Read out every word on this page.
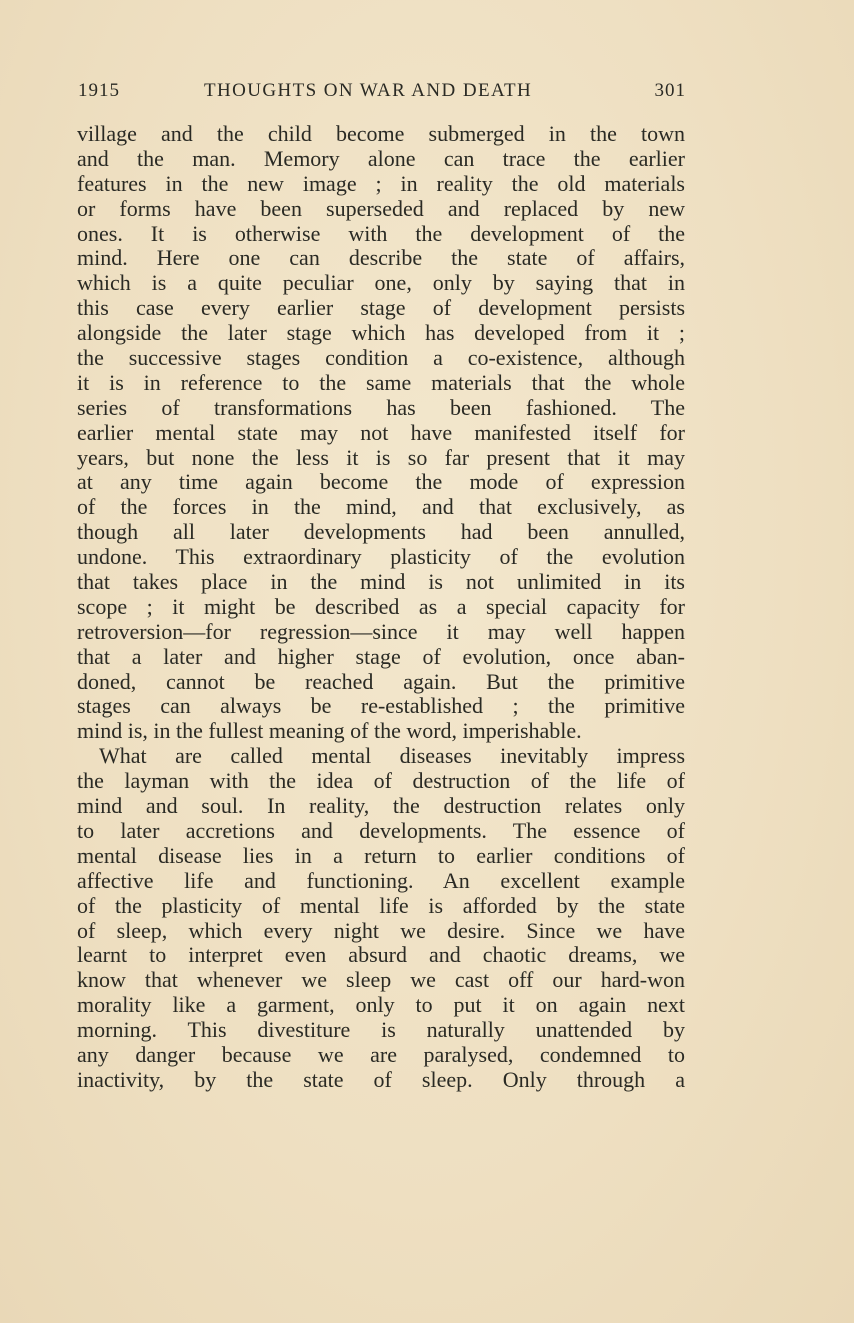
1915	THOUGHTS ON WAR AND DEATH	301
village and the child become submerged in the town
and the man. Memory alone can trace the earlier
features in the new image ; in reality the old materials
or forms have been superseded and replaced by new
ones. It is otherwise with the development of the
mind. Here one can describe the state of affairs,
which is a quite peculiar one, only by saying that in
this case every earlier stage of development persists
alongside the later stage which has developed from it ;
the successive stages condition a co-existence, although
it is in reference to the same materials that the whole
series of transformations has been fashioned. The
earlier mental state may not have manifested itself for
years, but none the less it is so far present that it may
at any time again become the mode of expression
of the forces in the mind, and that exclusively, as
though all later developments had been annulled,
undone. This extraordinary plasticity of the evolution
that takes place in the mind is not unlimited in its
scope ; it might be described as a special capacity for
retroversion—for regression—since it may well happen
that a later and higher stage of evolution, once aban-
doned, cannot be reached again. But the primitive
stages can always be re-established ; the primitive
mind is, in the fullest meaning of the word, imperishable.
What are called mental diseases inevitably impress
the layman with the idea of destruction of the life of
mind and soul. In reality, the destruction relates only
to later accretions and developments. The essence of
mental disease lies in a return to earlier conditions of
affective life and functioning. An excellent example
of the plasticity of mental life is afforded by the state
of sleep, which every night we desire. Since we have
learnt to interpret even absurd and chaotic dreams, we
know that whenever we sleep we cast off our hard-won
morality like a garment, only to put it on again next
morning. This divestiture is naturally unattended by
any danger because we are paralysed, condemned to
inactivity, by the state of sleep. Only through a
